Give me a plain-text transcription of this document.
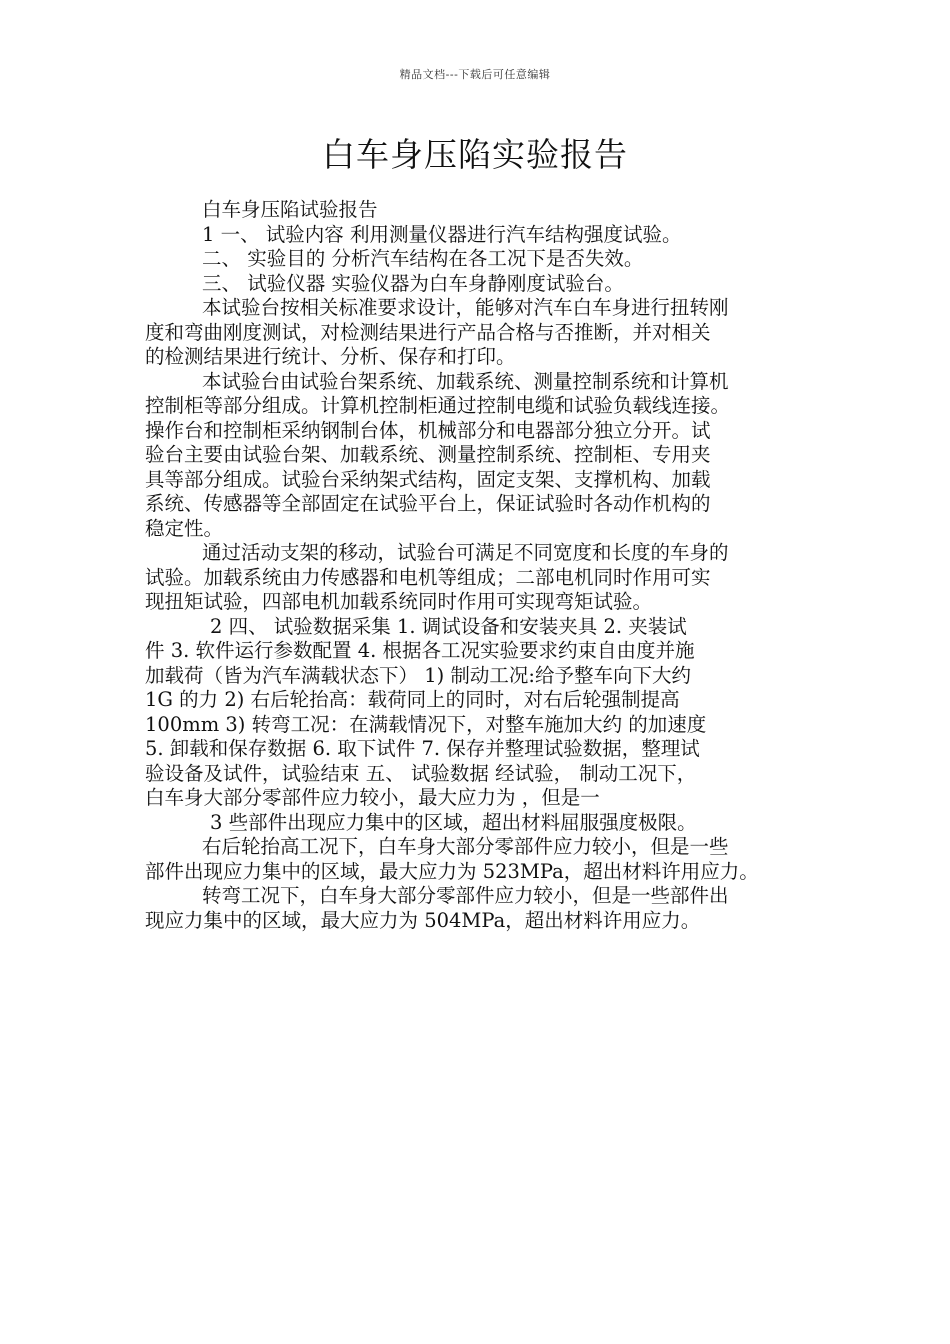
精品文档---下载后可任意编辑
白车身压陷实验报告
白车身压陷试验报告
1 一、 试验内容 利用测量仪器进行汽车结构强度试验。
二、 实验目的 分析汽车结构在各工况下是否失效。
三、 试验仪器 实验仪器为白车身静刚度试验台。
本试验台按相关标准要求设计，能够对汽车白车身进行扭转刚
度和弯曲刚度测试，对检测结果进行产品合格与否推断，并对相关
的检测结果进行统计、分析、保存和打印。
本试验台由试验台架系统、加载系统、测量控制系统和计算机
控制柜等部分组成。计算机控制柜通过控制电缆和试验负载线连接。
操作台和控制柜采纳钢制台体，机械部分和电器部分独立分开。试
验台主要由试验台架、加载系统、测量控制系统、控制柜、专用夹
具等部分组成。试验台采纳架式结构，固定支架、支撑机构、加载
系统、传感器等全部固定在试验平台上，保证试验时各动作机构的
稳定性。
通过活动支架的移动，试验台可满足不同宽度和长度的车身的
试验。加载系统由力传感器和电机等组成；二部电机同时作用可实
现扭矩试验，四部电机加载系统同时作用可实现弯矩试验。
2 四、 试验数据采集 1. 调试设备和安装夹具 2. 夹装试
件 3. 软件运行参数配置 4. 根据各工况实验要求约束自由度并施
加载荷（皆为汽车满载状态下） 1) 制动工况:给予整车向下大约
1G 的力 2) 右后轮抬高：载荷同上的同时，对右后轮强制提高
100mm 3) 转弯工况：在满载情况下，对整车施加大约 的加速度
5. 卸载和保存数据 6. 取下试件 7. 保存并整理试验数据，整理试
验设备及试件，试验结束 五、 试验数据 经试验， 制动工况下，
白车身大部分零部件应力较小，最大应力为 ，但是一
3 些部件出现应力集中的区域，超出材料屈服强度极限。
右后轮抬高工况下，白车身大部分零部件应力较小，但是一些
部件出现应力集中的区域，最大应力为 523MPa，超出材料许用应力。
转弯工况下，白车身大部分零部件应力较小，但是一些部件出
现应力集中的区域，最大应力为 504MPa，超出材料许用应力。
